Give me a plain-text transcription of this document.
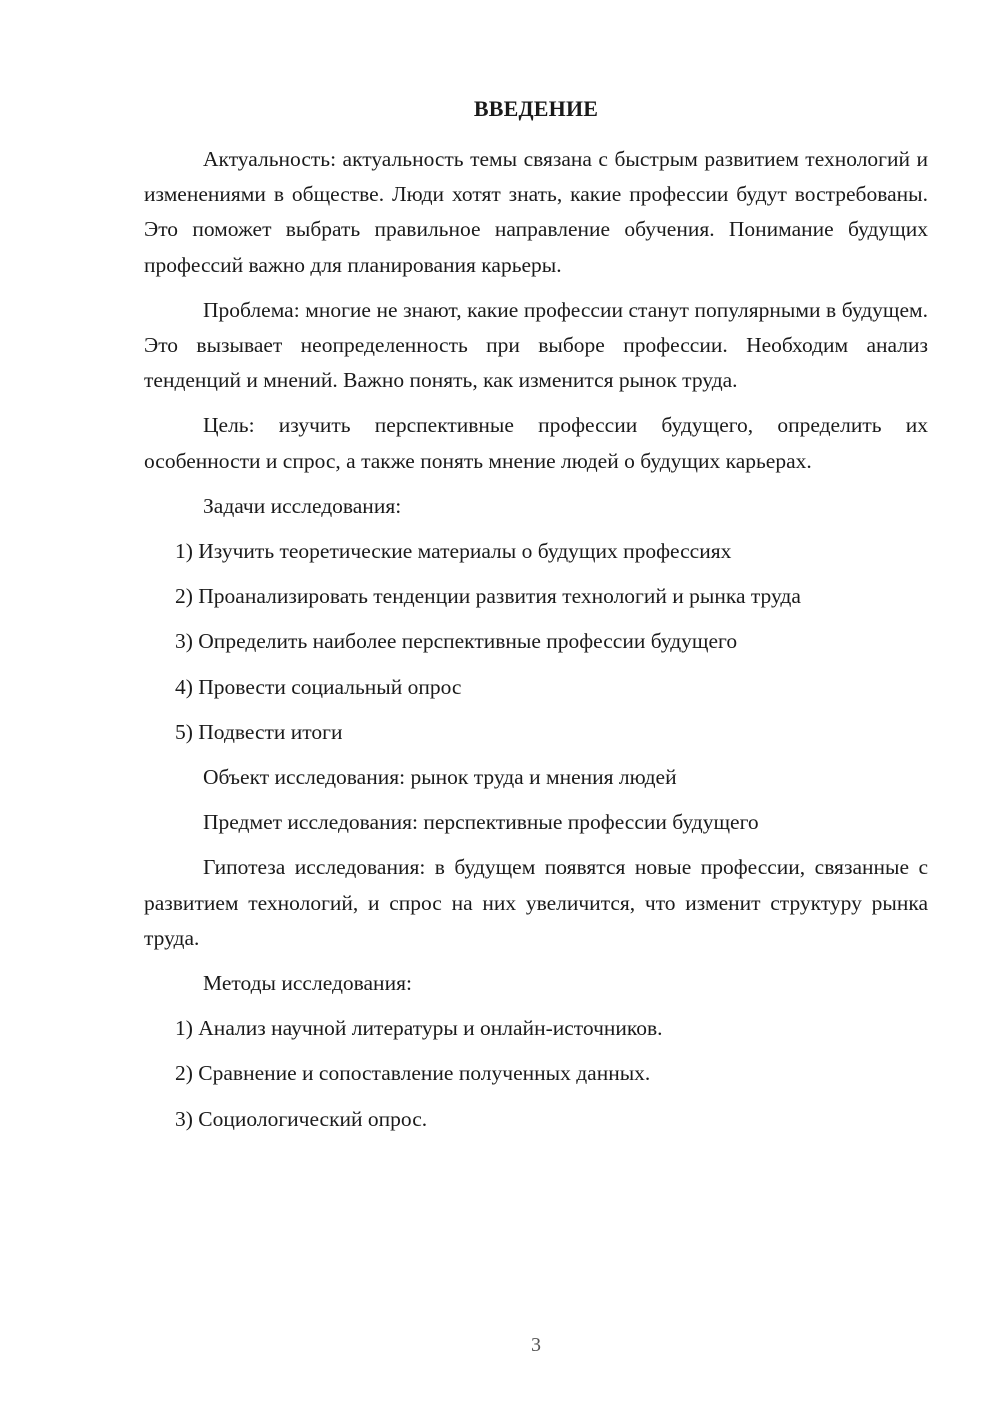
ВВЕДЕНИЕ

Актуальность: актуальность темы связана с быстрым развитием технологий и изменениями в обществе. Люди хотят знать, какие профессии будут востребованы. Это поможет выбрать правильное направление обучения. Понимание будущих профессий важно для планирования карьеры.

Проблема: многие не знают, какие профессии станут популярными в будущем. Это вызывает неопределенность при выборе профессии. Необходим анализ тенденций и мнений. Важно понять, как изменится рынок труда.

Цель: изучить перспективные профессии будущего, определить их особенности и спрос, а также понять мнение людей о будущих карьерах.

Задачи исследования:

1) Изучить теоретические материалы о будущих профессиях

2) Проанализировать тенденции развития технологий и рынка труда

3) Определить наиболее перспективные профессии будущего

4) Провести социальный опрос

5) Подвести итоги

Объект исследования: рынок труда и мнения людей

Предмет исследования: перспективные профессии будущего

Гипотеза исследования: в будущем появятся новые профессии, связанные с развитием технологий, и спрос на них увеличится, что изменит структуру рынка труда.

Методы исследования:

1) Анализ научной литературы и онлайн-источников.

2) Сравнение и сопоставление полученных данных.

3) Социологический опрос.

3
